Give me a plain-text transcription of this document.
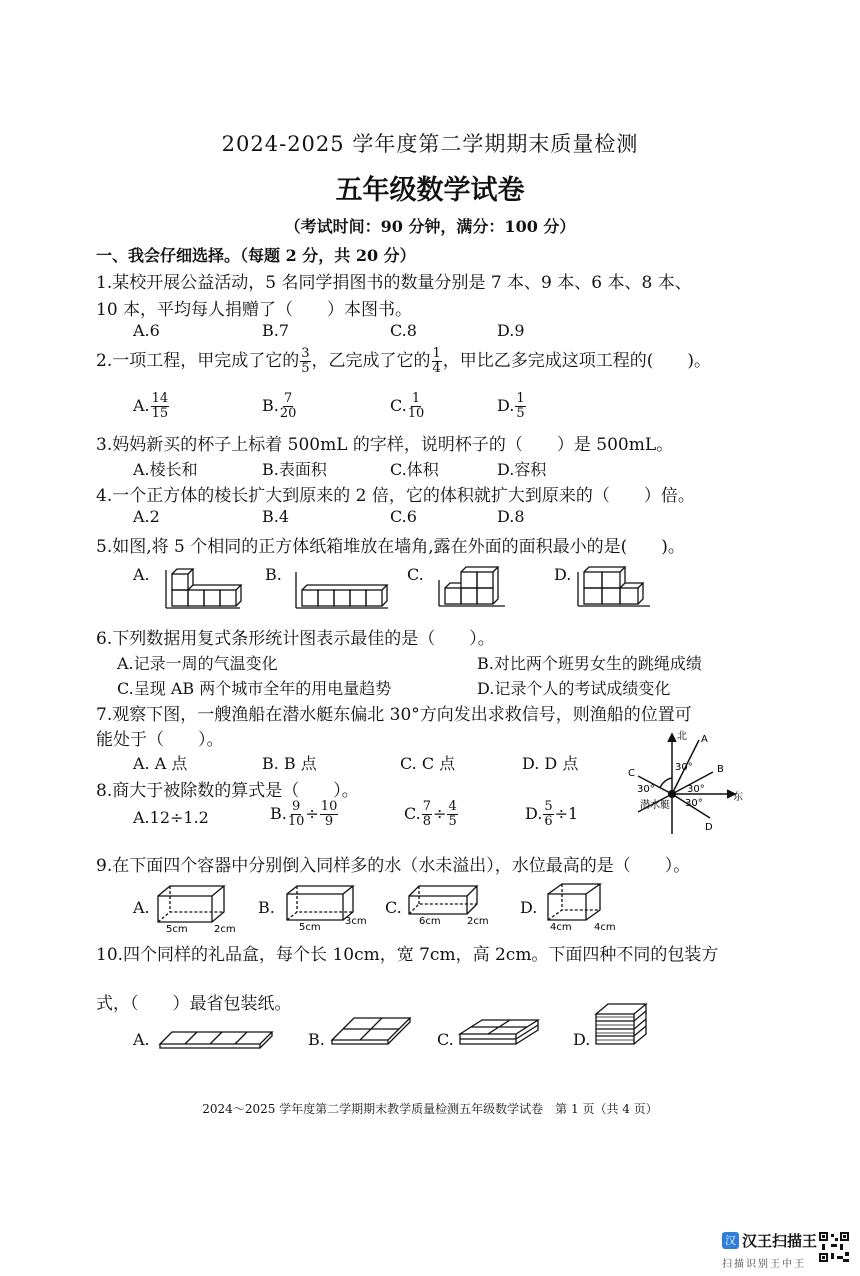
2024-2025 学年度第二学期期末质量检测
五年级数学试卷
（考试时间：90 分钟，满分：100 分）
一、我会仔细选择。（每题 2 分，共 20 分）
1.某校开展公益活动，5 名同学捐图书的数量分别是 7 本、9 本、6 本、8 本、
10 本，平均每人捐赠了（　　）本图书。
A.6	B.7	C.8	D.9
2.一项工程，甲完成了它的 $\frac{3}{5}$ ，乙完成了它的 $\frac{1}{4}$ ，甲比乙多完成这项工程的(　　)。
A. $\frac{14}{15}$	B. $\frac{7}{20}$	C. $\frac{1}{10}$	D. $\frac{1}{5}$
3.妈妈新买的杯子上标着 500mL 的字样，说明杯子的（　　）是 500mL。
A.棱长和	B.表面积	C.体积	D.容积
4.一个正方体的棱长扩大到原来的 2 倍，它的体积就扩大到原来的（　　）倍。
A.2	B.4	C.6	D.8
5.如图,将 5 个相同的正方体纸箱堆放在墙角,露在外面的面积最小的是(　　)。
A.	B.	C.	D.
6.下列数据用复式条形统计图表示最佳的是（　　）。
A.记录一周的气温变化	B.对比两个班男女生的跳绳成绩
C.呈现 AB 两个城市全年的用电量趋势	D.记录个人的考试成绩变化
7.观察下图，一艘渔船在潜水艇东偏北 30°方向发出求救信号，则渔船的位置可
能处于（　　）。
A. A 点	B. B 点	C. C 点	D. D 点
北
东
潜水艇
30°
30°
30°
30°
A
B
C
D
8.商大于被除数的算式是（　　）。
A.12÷1.2	B. $\frac{9}{10} \div \frac{10}{9}$	C. $\frac{7}{8} \div \frac{4}{5}$	D. $\frac{5}{6} \div 1$
9.在下面四个容器中分别倒入同样多的水（水未溢出），水位最高的是（　　）。
A.	B.	C.	D.
5cm	2cm	5cm
3cm	6cm	2cm
4cm 4cm
10.四个同样的礼品盒，每个长 10cm，宽 7cm，高 2cm。下面四种不同的包装方
式，（　　）最省包装纸。
A.	B.	C.	D.
2024～2025 学年度第二学期期末教学质量检测五年级数学试卷　第 1 页（共 4 页）
汉 汉王扫描王
扫描识别王中王
